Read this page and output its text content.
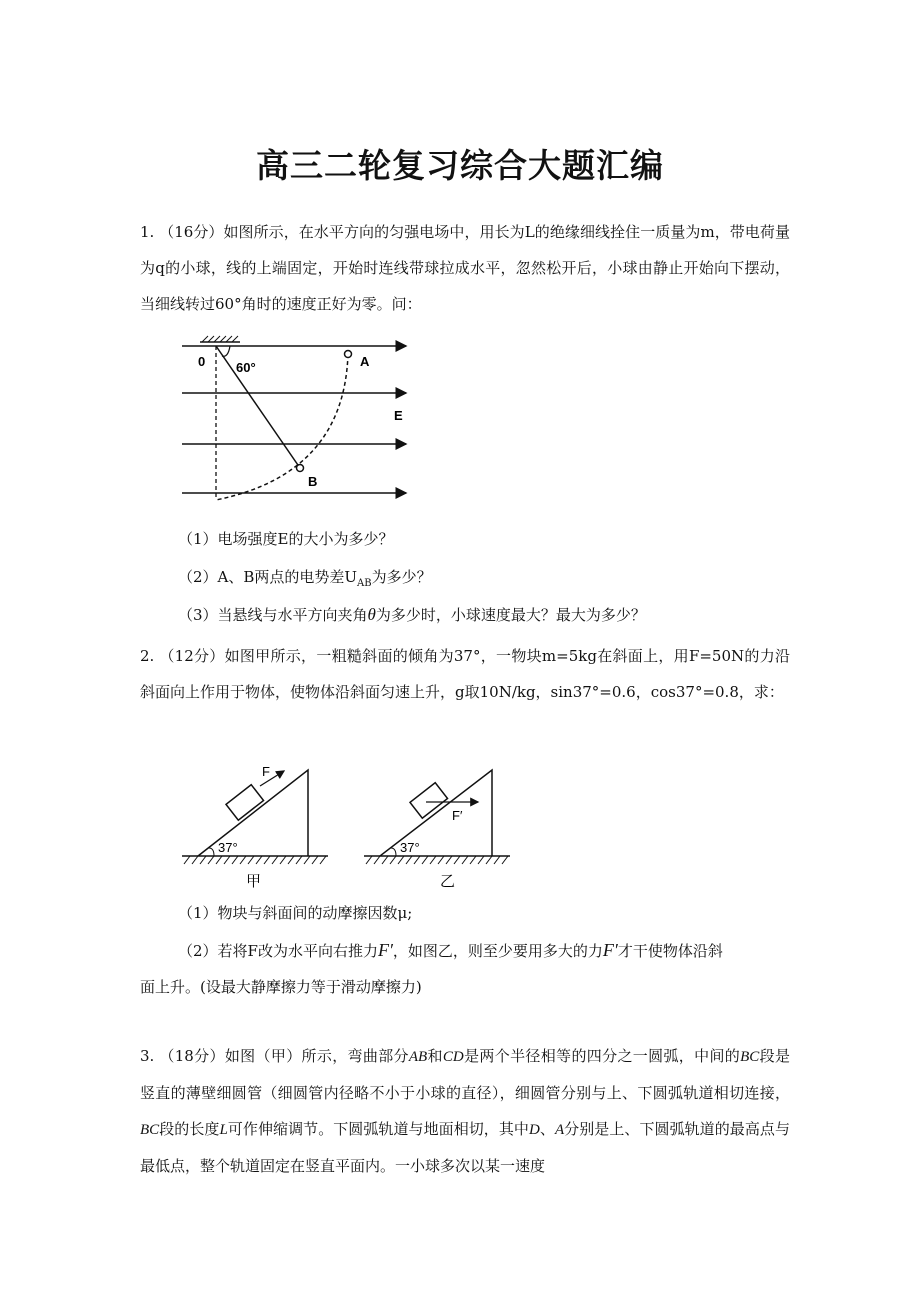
高三二轮复习综合大题汇编
1. （16分）如图所示，在水平方向的匀强电场中，用长为L的绝缘细线拴住一质量为m，带电荷量为q的小球，线的上端固定，开始时连线带球拉成水平，忽然松开后，小球由静止开始向下摆动，当细线转过60°角时的速度正好为零。问：
0 60°	A
E
B
（1）电场强度E的大小为多少？
（2）A、B两点的电势差$U_{AB}$为多少？
（3）当悬线与水平方向夹角θ为多少时，小球速度最大？最大为多少？
2. （12分）如图甲所示，一粗糙斜面的倾角为37°，一物块m=5kg在斜面上，用F=50N的力沿斜面向上作用于物体，使物体沿斜面匀速上升，g取10N/kg，sin37°=0.6，cos37°=0.8，求：
F
37°
甲
F′
37°
乙
（1）物块与斜面间的动摩擦因数μ;
（2）若将F改为水平向右推力F′，如图乙，则至少要用多大的力F′才干使物体沿斜
面上升。(设最大静摩擦力等于滑动摩擦力)
3. （18分）如图（甲）所示，弯曲部分AB和CD是两个半径相等的四分之一圆弧，中间的BC段是竖直的薄壁细圆管（细圆管内径略不小于小球的直径），细圆管分别与上、下圆弧轨道相切连接，BC段的长度L可作伸缩调节。下圆弧轨道与地面相切，其中D、A分别是上、下圆弧轨道的最高点与最低点，整个轨道固定在竖直平面内。一小球多次以某一速度
